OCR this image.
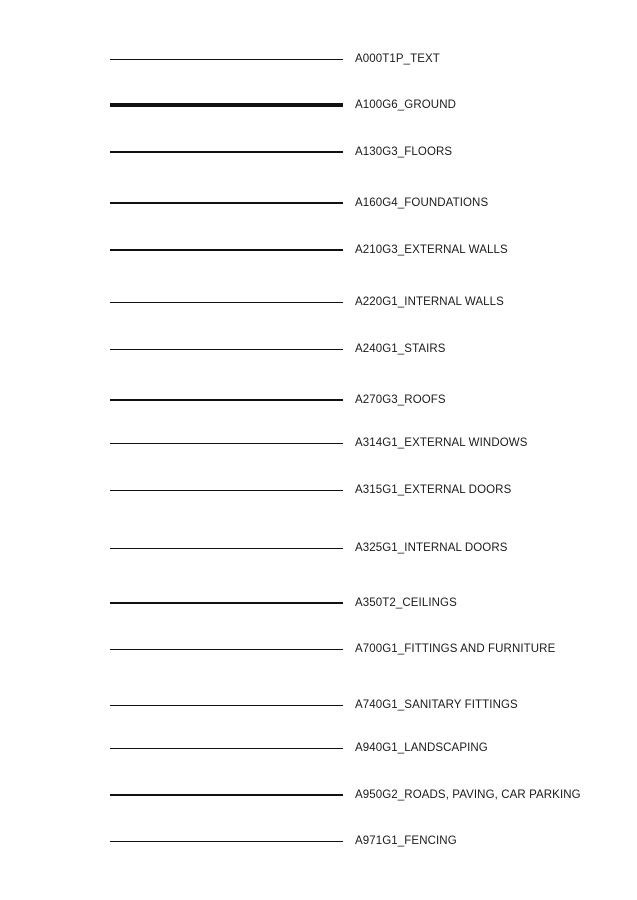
A000T1P_TEXT
A100G6_GROUND
A130G3_FLOORS
A160G4_FOUNDATIONS
A210G3_EXTERNAL WALLS
A220G1_INTERNAL WALLS
A240G1_STAIRS
A270G3_ROOFS
A314G1_EXTERNAL WINDOWS
A315G1_EXTERNAL DOORS
A325G1_INTERNAL DOORS
A350T2_CEILINGS
A700G1_FITTINGS AND FURNITURE
A740G1_SANITARY FITTINGS
A940G1_LANDSCAPING
A950G2_ROADS, PAVING, CAR PARKING
A971G1_FENCING
